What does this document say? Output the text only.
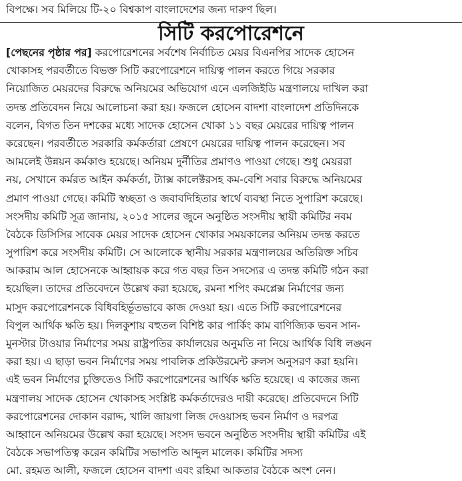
বিপক্ষে। সব মিলিয়ে টি-২০ বিশ্বকাপ বাংলাদেশের জন্য দারুণ ছিল।
সিটি করপোরেশনে
[পেছনের পৃষ্ঠার পর] করপোরেশনের সর্বশেষ নির্বাচিত মেয়র বিএনপির সাদেক হোসেন
খোকাসহ পরবর্তীতে বিভক্ত সিটি করপোরেশনে দায়িত্ব পালন করতে গিয়ে সরকার
নিয়োজিত মেয়রদের বিরুদ্ধে অনিয়মের অভিযোগ এনে এলজিইডি মন্ত্রণালয়ে দাখিল করা
তদন্ত প্রতিবেদন নিয়ে আলোচনা করা হয়। ফজলে হোসেন বাদশা বাংলাদেশ প্রতিদিনকে
বলেন, বিগত তিন দশকের মধ্যে সাদেক হোসেন খোকা ১১ বছর মেয়রের দায়িত্ব পালন
করেছেন। পরবর্তীতে সরকারি কর্মকর্তারা প্রেষণে মেয়রের দায়িত্ব পালন করেছেন। সব
আমলেই উন্নয়ন কর্মকাণ্ড হয়েছে। অনিয়ম দুর্নীতির প্রমাণও পাওয়া গেছে। শুধু মেয়ররা
নয়, সেখানে কর্মরত আইন কর্মকর্তা, ট্যাক্স কালেক্টরসহ কম-বেশি সবার বিরুদ্ধে অনিয়মের
প্রমাণ পাওয়া গেছে। কমিটি স্বচ্ছতা ও জবাবদিহিতার স্বার্থে ব্যবস্থা নিতে সুপারিশ করেছে।
সংসদীয় কমিটি সূত্র জানায়, ২০১৫ সালের জুনে অনুষ্ঠিত সংসদীয় স্থায়ী কমিটির নবম
বৈঠকে ডিসিসির সাবেক মেয়র সাদেক হোসেন খোকার সময়কালের অনিয়ম তদন্ত করতে
সুপারিশ করে সংসদীয় কমিটি। সে আলোকে স্থানীয় সরকার মন্ত্রণালয়ের অতিরিক্ত সচিব
আকরাম আল হোসেনকে আহ্বায়ক করে গত বছর তিন সদস্যের এ তদন্ত কমিটি গঠন করা
হয়েছিল। তাদের প্রতিবেদনে উল্লেখ করা হয়েছে, রমনা শপিং কমপ্লেক্স নির্মাণের জন্য
মাসুদ করপোরেশনকে বিধিবহির্ভূতভাবে কাজ দেওয়া হয়। এতে সিটি করপোরেশনের
বিপুল আর্থিক ক্ষতি হয়। দিলকুশায় বহুতল বিশিষ্ট কার পার্কিং কাম বাণিজ্যিক ভবন সান-
মুনস্টার টাওয়ার নির্মাণের সময় রাষ্ট্রপতির কার্যালয়ের অনুমতি না নিয়ে আর্থিক বিধি লঙ্ঘন
করা হয়। এ ছাড়া ভবন নির্মাণের সময় পাবলিক প্রকিউরমেন্ট রুলস অনুসরণ করা হয়নি।
এই ভবন নির্মাণের চুক্তিতেও সিটি করপোরেশনের আর্থিক ক্ষতি হয়েছে। এ কাজের জন্য
মন্ত্রণালয় সাদেক হোসেন খোকাসহ সংশ্লিষ্ট কর্মকর্তাদেরও দায়ী করেছে। প্রতিবেদনে সিটি
করপোরেশনের দোকান বরাদ্দ, খালি জায়গা লিজ দেওয়াসহ ভবন নির্মাণ ও দরপত্র
আহ্বানে অনিয়মের উল্লেখ করা হয়েছে। সংসদ ভবনে অনুষ্ঠিত সংসদীয় স্থায়ী কমিটির এই
বৈঠকে সভাপতিত্ব করেন কমিটির সভাপতি আব্দুল মালেক। কমিটির সদস্য
মো. রহমত আলী, ফজলে হোসেন বাদশা এবং রহিমা আকতার বৈঠকে অংশ নেন।
